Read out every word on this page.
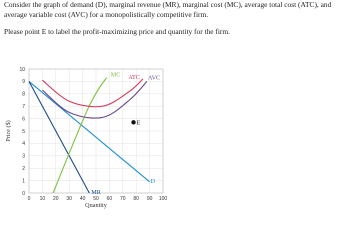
Consider the graph of demand (D), marginal revenue (MR), marginal cost (MC), average total cost (ATC), and average variable cost (AVC) for a monopolistically competitive firm.

Please point E to label the profit-maximizing price and quantity for the firm.

0 10 20 30 40 50 60 70 80 90 100
0
1
2
3
4
5
6
7
8
9
10
Quantity
Price ($)
D
MR
MC ATC AVC
E
